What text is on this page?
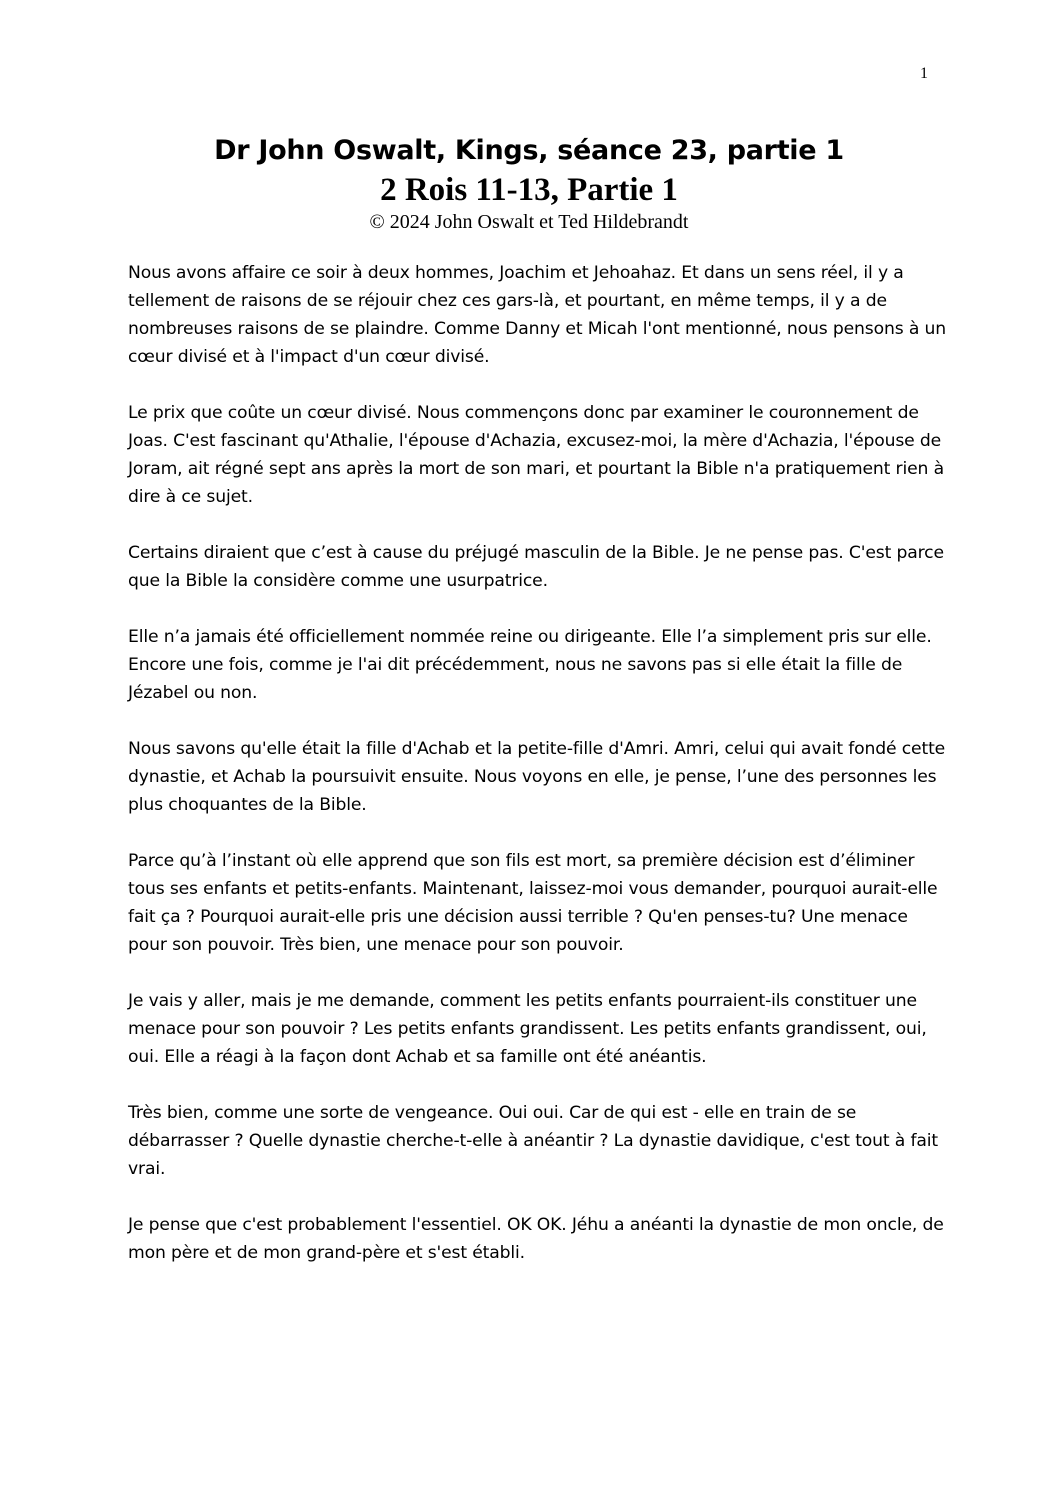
1
Dr John Oswalt, Kings, séance 23, partie 1
2 Rois 11-13, Partie 1
© 2024 John Oswalt et Ted Hildebrandt

Nous avons affaire ce soir à deux hommes, Joachim et Jehoahaz. Et dans un sens réel, il y a tellement de raisons de se réjouir chez ces gars-là, et pourtant, en même temps, il y a de nombreuses raisons de se plaindre. Comme Danny et Micah l'ont mentionné, nous pensons à un cœur divisé et à l'impact d'un cœur divisé.

Le prix que coûte un cœur divisé. Nous commençons donc par examiner le couronnement de Joas. C'est fascinant qu'Athalie, l'épouse d'Achazia, excusez-moi, la mère d'Achazia, l'épouse de Joram, ait régné sept ans après la mort de son mari, et pourtant la Bible n'a pratiquement rien à dire à ce sujet.

Certains diraient que c’est à cause du préjugé masculin de la Bible. Je ne pense pas. C'est parce que la Bible la considère comme une usurpatrice.

Elle n’a jamais été officiellement nommée reine ou dirigeante. Elle l’a simplement pris sur elle. Encore une fois, comme je l'ai dit précédemment, nous ne savons pas si elle était la fille de Jézabel ou non.

Nous savons qu'elle était la fille d'Achab et la petite-fille d'Amri. Amri, celui qui avait fondé cette dynastie, et Achab la poursuivit ensuite. Nous voyons en elle, je pense, l’une des personnes les plus choquantes de la Bible.

Parce qu’à l’instant où elle apprend que son fils est mort, sa première décision est d’éliminer tous ses enfants et petits-enfants. Maintenant, laissez-moi vous demander, pourquoi aurait-elle fait ça ? Pourquoi aurait-elle pris une décision aussi terrible ? Qu'en penses-tu? Une menace pour son pouvoir. Très bien, une menace pour son pouvoir.

Je vais y aller, mais je me demande, comment les petits enfants pourraient-ils constituer une menace pour son pouvoir ? Les petits enfants grandissent. Les petits enfants grandissent, oui, oui. Elle a réagi à la façon dont Achab et sa famille ont été anéantis.

Très bien, comme une sorte de vengeance. Oui oui. Car de qui est - elle en train de se débarrasser ? Quelle dynastie cherche-t-elle à anéantir ? La dynastie davidique, c'est tout à fait vrai.

Je pense que c'est probablement l'essentiel. OK OK. Jéhu a anéanti la dynastie de mon oncle, de mon père et de mon grand-père et s'est établi.
